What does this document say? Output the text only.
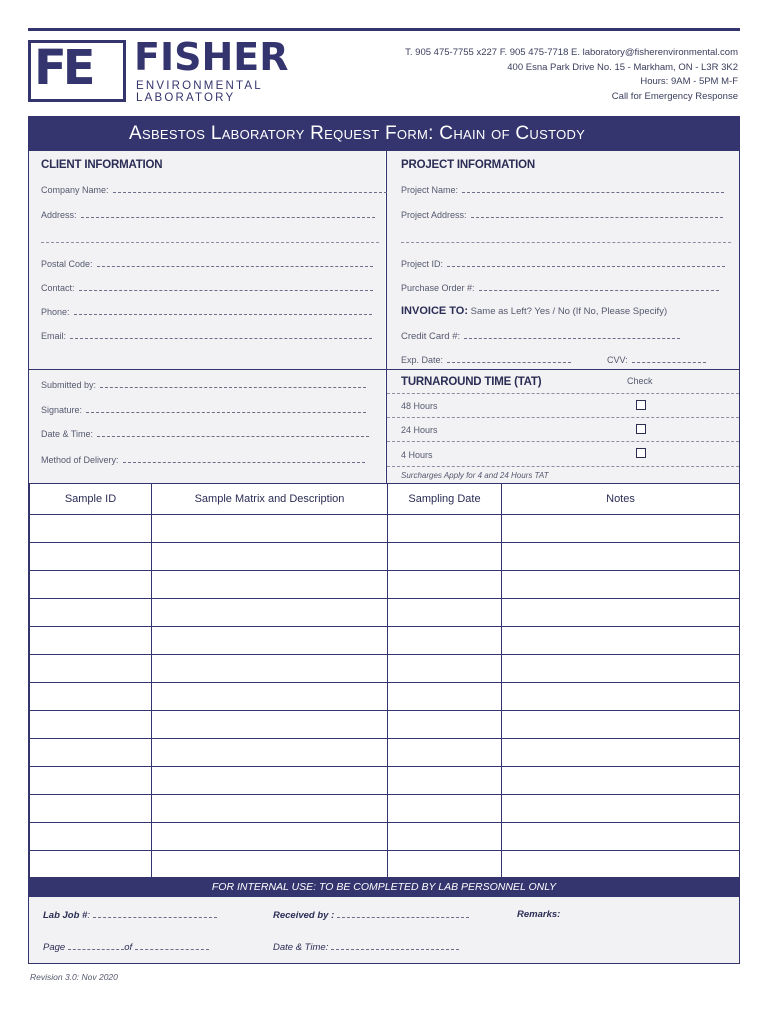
FE FISHER
ENVIRONMENTAL
LABORATORY
T. 905 475-7755 x227 F. 905 475-7718 E. laboratory@fisherenvironmental.com
400 Esna Park Drive No. 15 - Markham, ON - L3R 3K2
Hours: 9AM - 5PM M-F
Call for Emergency Response
Asbestos Laboratory Request Form: Chain of Custody
CLIENT INFORMATION
Company Name:
Address:
Postal Code:
Contact:
Phone:
Email:
PROJECT INFORMATION
Project Name:
Project Address:
Project ID:
Purchase Order #:
INVOICE TO: Same as Left? Yes / No (If No, Please Specify)
Credit Card #:
Exp. Date:	CVV:
Submitted by:
Signature:
Date & Time:
Method of Delivery:
TURNAROUND TIME (TAT)	Check
48 Hours
24 Hours
4 Hours
Surcharges Apply for 4 and 24 Hours TAT
Sample ID	Sample Matrix and Description	Sampling Date	Notes

FOR INTERNAL USE: TO BE COMPLETED BY LAB PERSONNEL ONLY
Lab Job #:	Received by :	Remarks:
Page	of	Date & Time:
Revision 3.0: Nov 2020
